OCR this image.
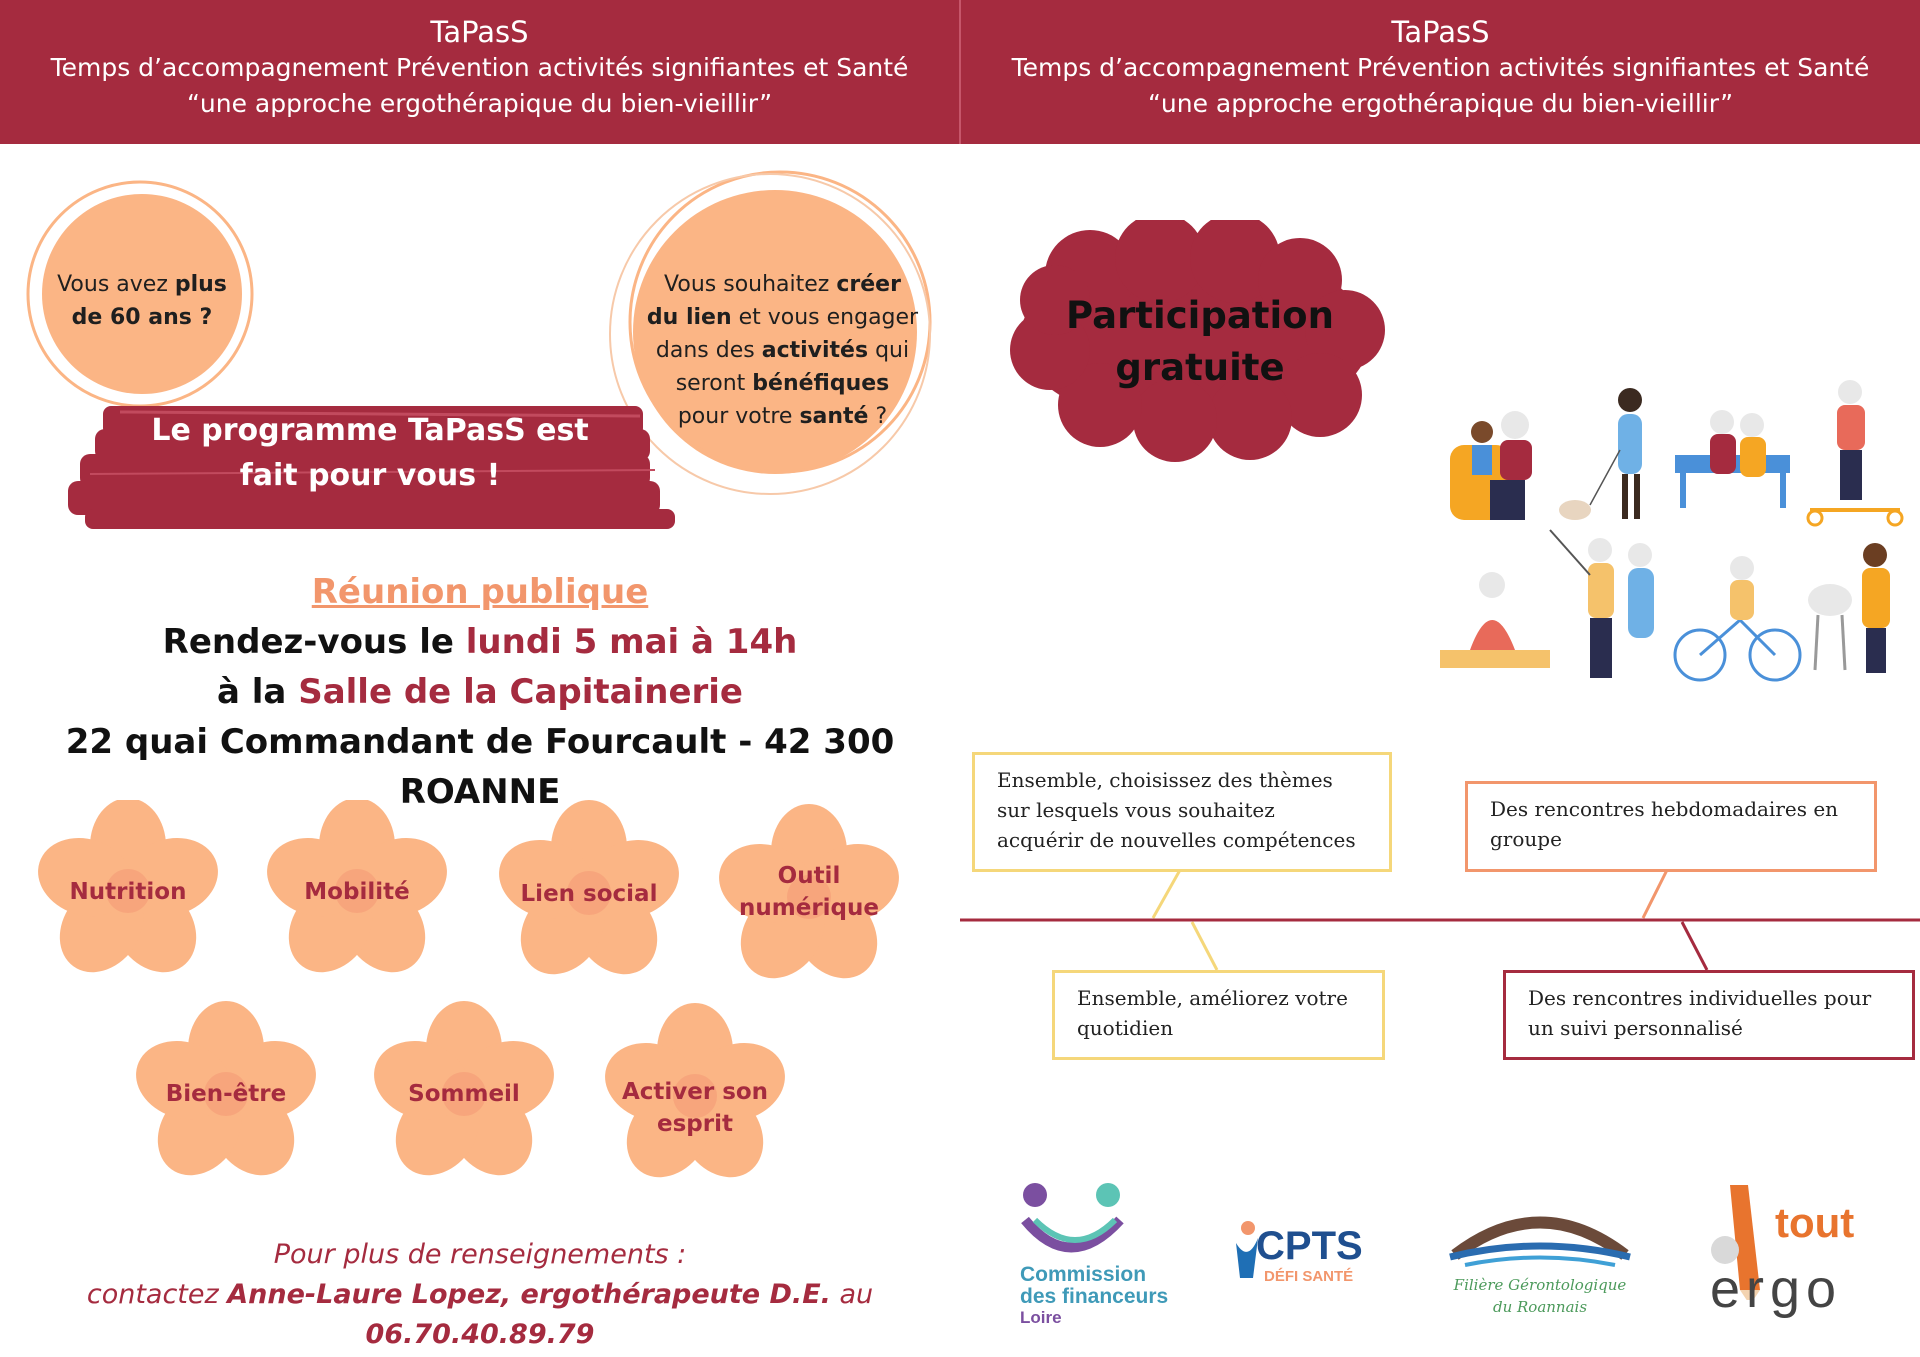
TaPasS
Temps d’accompagnement Prévention activités signifiantes et Santé
“une approche ergothérapique du bien-vieillir”
TaPasS
Temps d’accompagnement Prévention activités signifiantes et Santé
“une approche ergothérapique du bien-vieillir”
Vous avez plus
de 60 ans ?
Vous souhaitez créer
du lien et vous engager
dans des activités qui
seront bénéfiques
pour votre santé ?
Le programme TaPasS est
fait pour vous !
Réunion publique
Rendez-vous le lundi 5 mai à 14h
à la Salle de la Capitainerie
22 quai Commandant de Fourcault - 42 300 ROANNE
Nutrition	Mobilité	Lien social
Outil
numérique
Bien-être	Sommeil	Activer son
esprit
Pour plus de renseignements :
contactez Anne-Laure Lopez, ergothérapeute D.E. au 06.70.40.89.79
Participation
gratuite
Ensemble, choisissez des thèmes sur lesquels vous souhaitez acquérir de nouvelles compétences
Des rencontres hebdomadaires en groupe
Ensemble, améliorez votre quotidien
Des rencontres individuelles pour un suivi personnalisé
Commission
des financeurs
Loire
CPTS
DÉFI SANTÉ	Filière Gérontologique
du Roannais
tout
ergo
